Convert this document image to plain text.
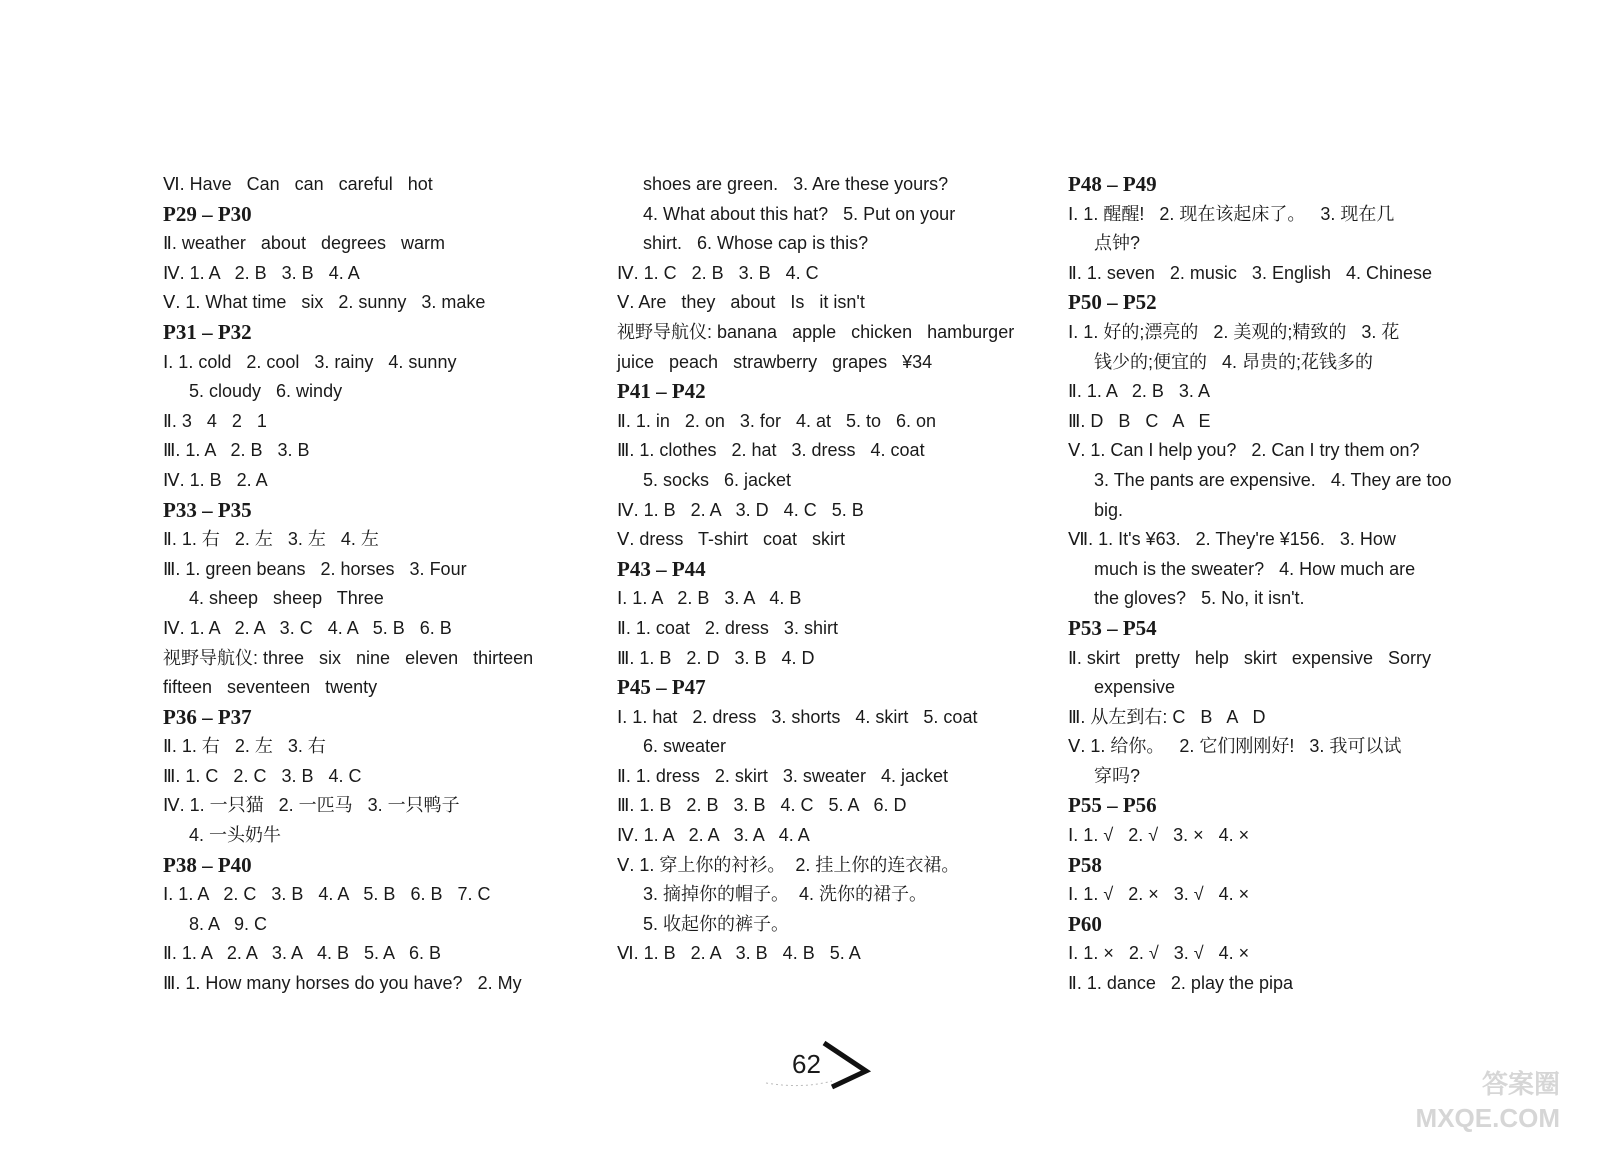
Ⅵ. Have   Can   can   careful   hot
P29 – P30
Ⅱ. weather   about   degrees   warm
Ⅳ. 1. A   2. B   3. B   4. A
Ⅴ. 1. What time   six   2. sunny   3. make
P31 – P32
Ⅰ. 1. cold   2. cool   3. rainy   4. sunny
5. cloudy   6. windy
Ⅱ. 3   4   2   1
Ⅲ. 1. A   2. B   3. B
Ⅳ. 1. B   2. A
P33 – P35
Ⅱ. 1. 右   2. 左   3. 左   4. 左
Ⅲ. 1. green beans   2. horses   3. Four
4. sheep   sheep   Three
Ⅳ. 1. A   2. A   3. C   4. A   5. B   6. B
视野导航仪: three   six   nine   eleven   thirteen
fifteen   seventeen   twenty
P36 – P37
Ⅱ. 1. 右   2. 左   3. 右
Ⅲ. 1. C   2. C   3. B   4. C
Ⅳ. 1. 一只猫   2. 一匹马   3. 一只鸭子
4. 一头奶牛
P38 – P40
Ⅰ. 1. A   2. C   3. B   4. A   5. B   6. B   7. C
8. A   9. C
Ⅱ. 1. A   2. A   3. A   4. B   5. A   6. B
Ⅲ. 1. How many horses do you have?   2. My
shoes are green.   3. Are these yours?
4. What about this hat?   5. Put on your
shirt.   6. Whose cap is this?
Ⅳ. 1. C   2. B   3. B   4. C
Ⅴ. Are   they   about   Is   it isn't
视野导航仪: banana   apple   chicken   hamburger
juice   peach   strawberry   grapes   ¥34
P41 – P42
Ⅱ. 1. in   2. on   3. for   4. at   5. to   6. on
Ⅲ. 1. clothes   2. hat   3. dress   4. coat
5. socks   6. jacket
Ⅳ. 1. B   2. A   3. D   4. C   5. B
Ⅴ. dress   T-shirt   coat   skirt
P43 – P44
Ⅰ. 1. A   2. B   3. A   4. B
Ⅱ. 1. coat   2. dress   3. shirt
Ⅲ. 1. B   2. D   3. B   4. D
P45 – P47
Ⅰ. 1. hat   2. dress   3. shorts   4. skirt   5. coat
6. sweater
Ⅱ. 1. dress   2. skirt   3. sweater   4. jacket
Ⅲ. 1. B   2. B   3. B   4. C   5. A   6. D
Ⅳ. 1. A   2. A   3. A   4. A
Ⅴ. 1. 穿上你的衬衫。  2. 挂上你的连衣裙。
3. 摘掉你的帽子。  4. 洗你的裙子。
5. 收起你的裤子。
Ⅵ. 1. B   2. A   3. B   4. B   5. A
P48 – P49
Ⅰ. 1. 醒醒!   2. 现在该起床了。   3. 现在几
点钟?
Ⅱ. 1. seven   2. music   3. English   4. Chinese
P50 – P52
Ⅰ. 1. 好的;漂亮的   2. 美观的;精致的   3. 花
钱少的;便宜的   4. 昂贵的;花钱多的
Ⅱ. 1. A   2. B   3. A
Ⅲ. D   B   C   A   E
Ⅴ. 1. Can I help you?   2. Can I try them on?
3. The pants are expensive.   4. They are too
big.
Ⅶ. 1. It's ¥63.   2. They're ¥156.   3. How
much is the sweater?   4. How much are
the gloves?   5. No, it isn't.
P53 – P54
Ⅱ. skirt   pretty   help   skirt   expensive   Sorry
expensive
Ⅲ. 从左到右: C   B   A   D
Ⅴ. 1. 给你。   2. 它们刚刚好!   3. 我可以试
穿吗?
P55 – P56
Ⅰ. 1. √   2. √   3. ×   4. ×
P58
Ⅰ. 1. √   2. ×   3. √   4. ×
P60
Ⅰ. 1. ×   2. √   3. √   4. ×
Ⅱ. 1. dance   2. play the pipa
62
答案圈
MXQE.COM
